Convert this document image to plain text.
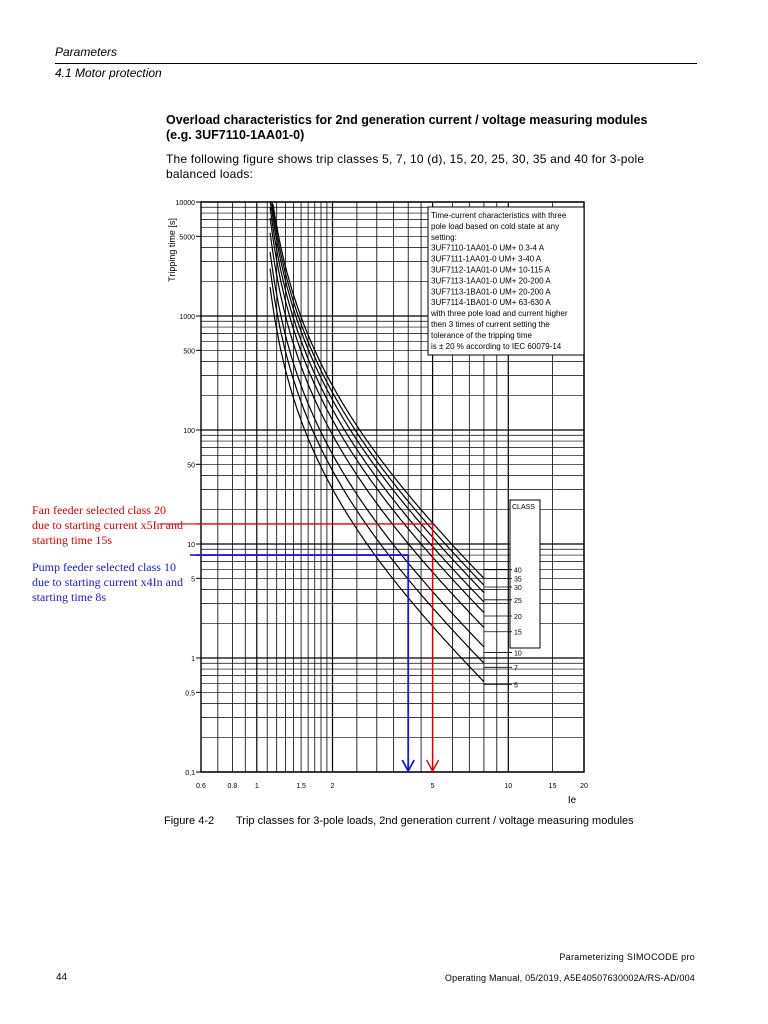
Parameters
4.1 Motor protection
Overload characteristics for 2nd generation current / voltage measuring modules
(e.g. 3UF7110-1AA01-0)
The following figure shows trip classes 5, 7, 10 (d), 15, 20, 25, 30, 35 and 40 for 3-pole
balanced loads:
10000
5000
1000
500
100
50
10
5
1
0,5
0,1
0.6	0.8	1	1.5	2	5	10	15	20
Ie
Tripping time [s]
Time-current characteristics with three
pole load based on cold state at any
setting:
3UF7110-1AA01-0 UM+ 0.3-4 A
3UF7111-1AA01-0 UM+ 3-40 A
3UF7112-1AA01-0 UM+ 10-115 A
3UF7113-1AA01-0 UM+ 20-200 A
3UF7113-1BA01-0 UM+ 20-200 A
3UF7114-1BA01-0 UM+ 63-630 A
with three pole load and current higher
then 3 times of current setting the
tolerance of the tripping time
is ± 20 % according to IEC 60079-14
CLASS
40
35
30
25
20
15
10
7
5
Fan feeder selected class 20
due to starting current x5In and
starting time 15s
Pump feeder selected class 10
due to starting current x4In and
starting time 8s
Figure 4-2 Trip classes for 3-pole loads, 2nd generation current / voltage measuring modules
Parameterizing SIMOCODE pro
Operating Manual, 05/2019, A5E40507630002A/RS-AD/004
44
